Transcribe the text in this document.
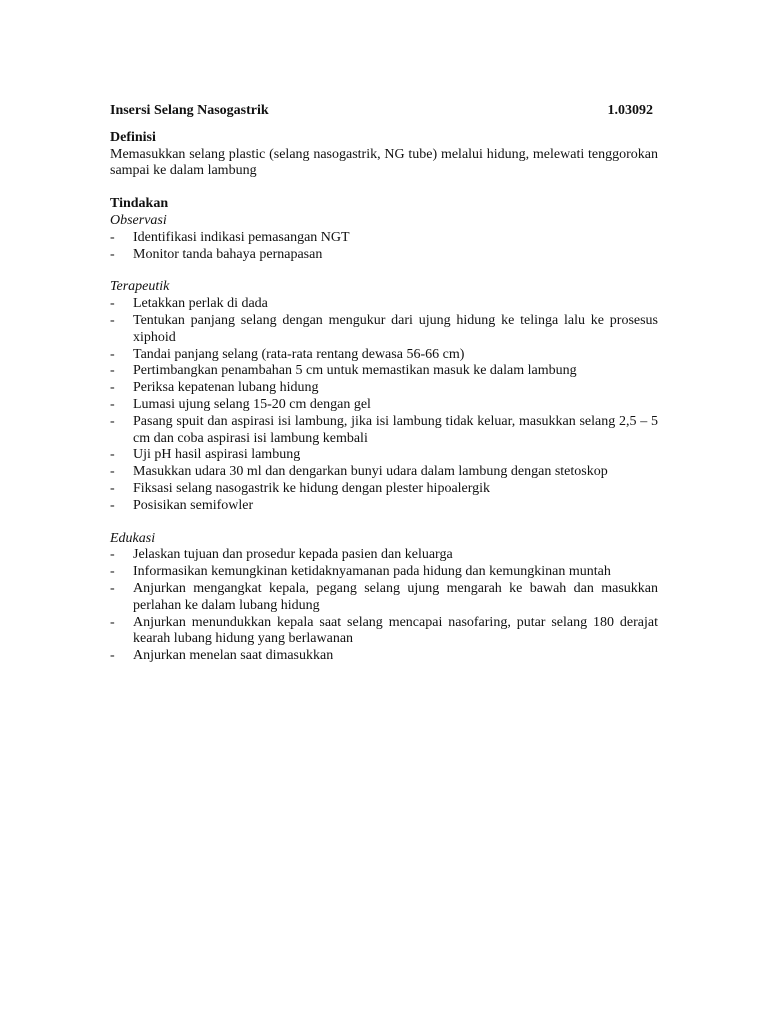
Insersi Selang Nasogastrik	1.03092
Definisi
Memasukkan selang plastic (selang nasogastrik, NG tube) melalui hidung, melewati tenggorokan sampai ke dalam lambung
Tindakan
Observasi
- Identifikasi indikasi pemasangan NGT
- Monitor tanda bahaya pernapasan
Terapeutik
- Letakkan perlak di dada
- Tentukan panjang selang dengan mengukur dari ujung hidung ke telinga lalu ke prosesus xiphoid
- Tandai panjang selang (rata-rata rentang dewasa 56-66 cm)
- Pertimbangkan penambahan 5 cm untuk memastikan masuk ke dalam lambung
- Periksa kepatenan lubang hidung
- Lumasi ujung selang 15-20 cm dengan gel
- Pasang spuit dan aspirasi isi lambung, jika isi lambung tidak keluar, masukkan selang 2,5 – 5 cm dan coba aspirasi isi lambung kembali
- Uji pH hasil aspirasi lambung
- Masukkan udara 30 ml dan dengarkan bunyi udara dalam lambung dengan stetoskop
- Fiksasi selang nasogastrik ke hidung dengan plester hipoalergik
- Posisikan semifowler
Edukasi
- Jelaskan tujuan dan prosedur kepada pasien dan keluarga
- Informasikan kemungkinan ketidaknyamanan pada hidung dan kemungkinan muntah
- Anjurkan mengangkat kepala, pegang selang ujung mengarah ke bawah dan masukkan perlahan ke dalam lubang hidung
- Anjurkan menundukkan kepala saat selang mencapai nasofaring, putar selang 180 derajat kearah lubang hidung yang berlawanan
- Anjurkan menelan saat dimasukkan
